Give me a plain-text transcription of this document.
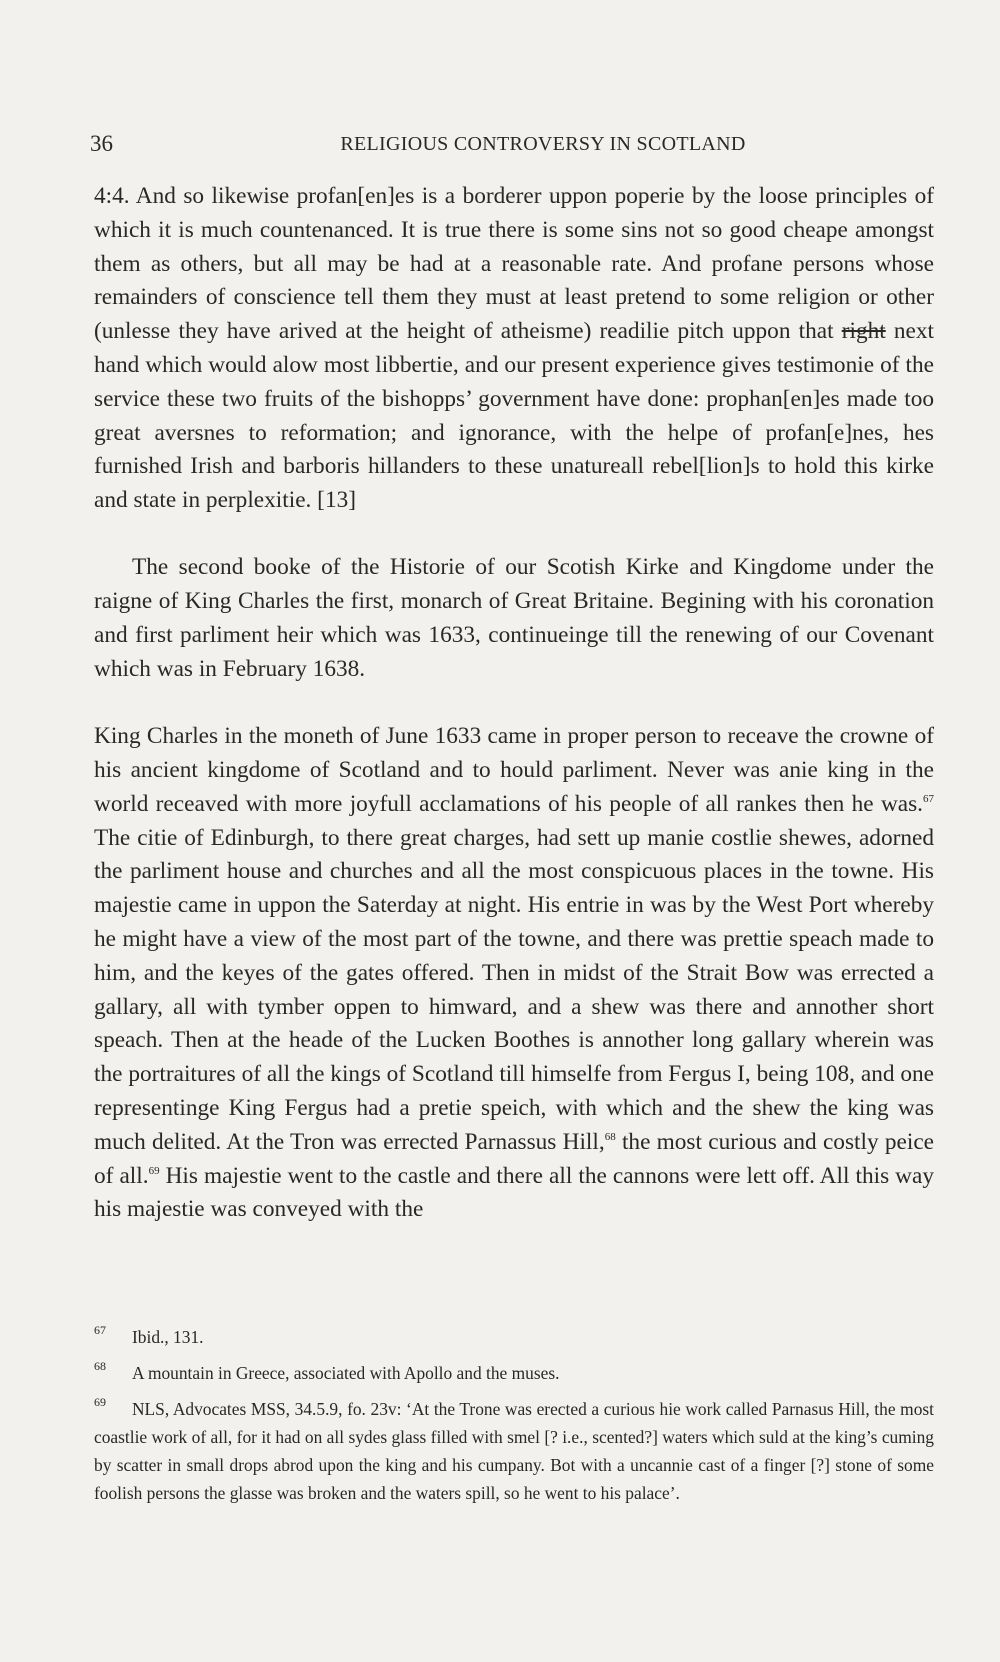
36	RELIGIOUS CONTROVERSY IN SCOTLAND

4:4. And so likewise profan[en]es is a borderer uppon poperie by the loose principles of which it is much countenanced. It is true there is some sins not so good cheape amongst them as others, but all may be had at a reasonable rate. And profane persons whose remainders of conscience tell them they must at least pretend to some religion or other (unlesse they have arived at the height of atheisme) readilie pitch uppon that right next hand which would alow most libbertie, and our present experience gives testimonie of the service these two fruits of the bishopps’ government have done: prophan[en]es made too great aversnes to reformation; and ignorance, with the helpe of profan[e]nes, hes furnished Irish and barboris hillanders to these unatureall rebel[lion]s to hold this kirke and state in perplexitie. [13]

The second booke of the Historie of our Scotish Kirke and Kingdome under the raigne of King Charles the first, monarch of Great Britaine. Begining with his coronation and first parliment heir which was 1633, continueinge till the renewing of our Covenant which was in February 1638.

King Charles in the moneth of June 1633 came in proper person to receave the crowne of his ancient kingdome of Scotland and to hould parliment. Never was anie king in the world receaved with more joyfull acclamations of his people of all rankes then he was.$^{67}$ The citie of Edinburgh, to there great charges, had sett up manie costlie shewes, adorned the parliment house and churches and all the most conspicuous places in the towne. His majestie came in uppon the Saterday at night. His entrie in was by the West Port whereby he might have a view of the most part of the towne, and there was prettie speach made to him, and the keyes of the gates offered. Then in midst of the Strait Bow was errected a gallary, all with tymber oppen to himward, and a shew was there and annother short speach. Then at the heade of the Lucken Boothes is annother long gallary wherein was the portraitures of all the kings of Scotland till himselfe from Fergus I, being 108, and one representinge King Fergus had a pretie speich, with which and the shew the king was much delited. At the Tron was errected Parnassus Hill,$^{68}$ the most curious and costly peice of all.$^{69}$ His majestie went to the castle and there all the cannons were lett off. All this way his majestie was conveyed with the

67 Ibid., 131.

68 A mountain in Greece, associated with Apollo and the muses.

69 NLS, Advocates MSS, 34.5.9, fo. 23v: ‘At the Trone was erected a curious hie work called Parnasus Hill, the most coastlie work of all, for it had on all sydes glass filled with smel [? i.e., scented?] waters which suld at the king’s cuming by scatter in small drops abrod upon the king and his cumpany. Bot with a uncannie cast of a finger [?] stone of some foolish persons the glasse was broken and the waters spill, so he went to his palace’.
